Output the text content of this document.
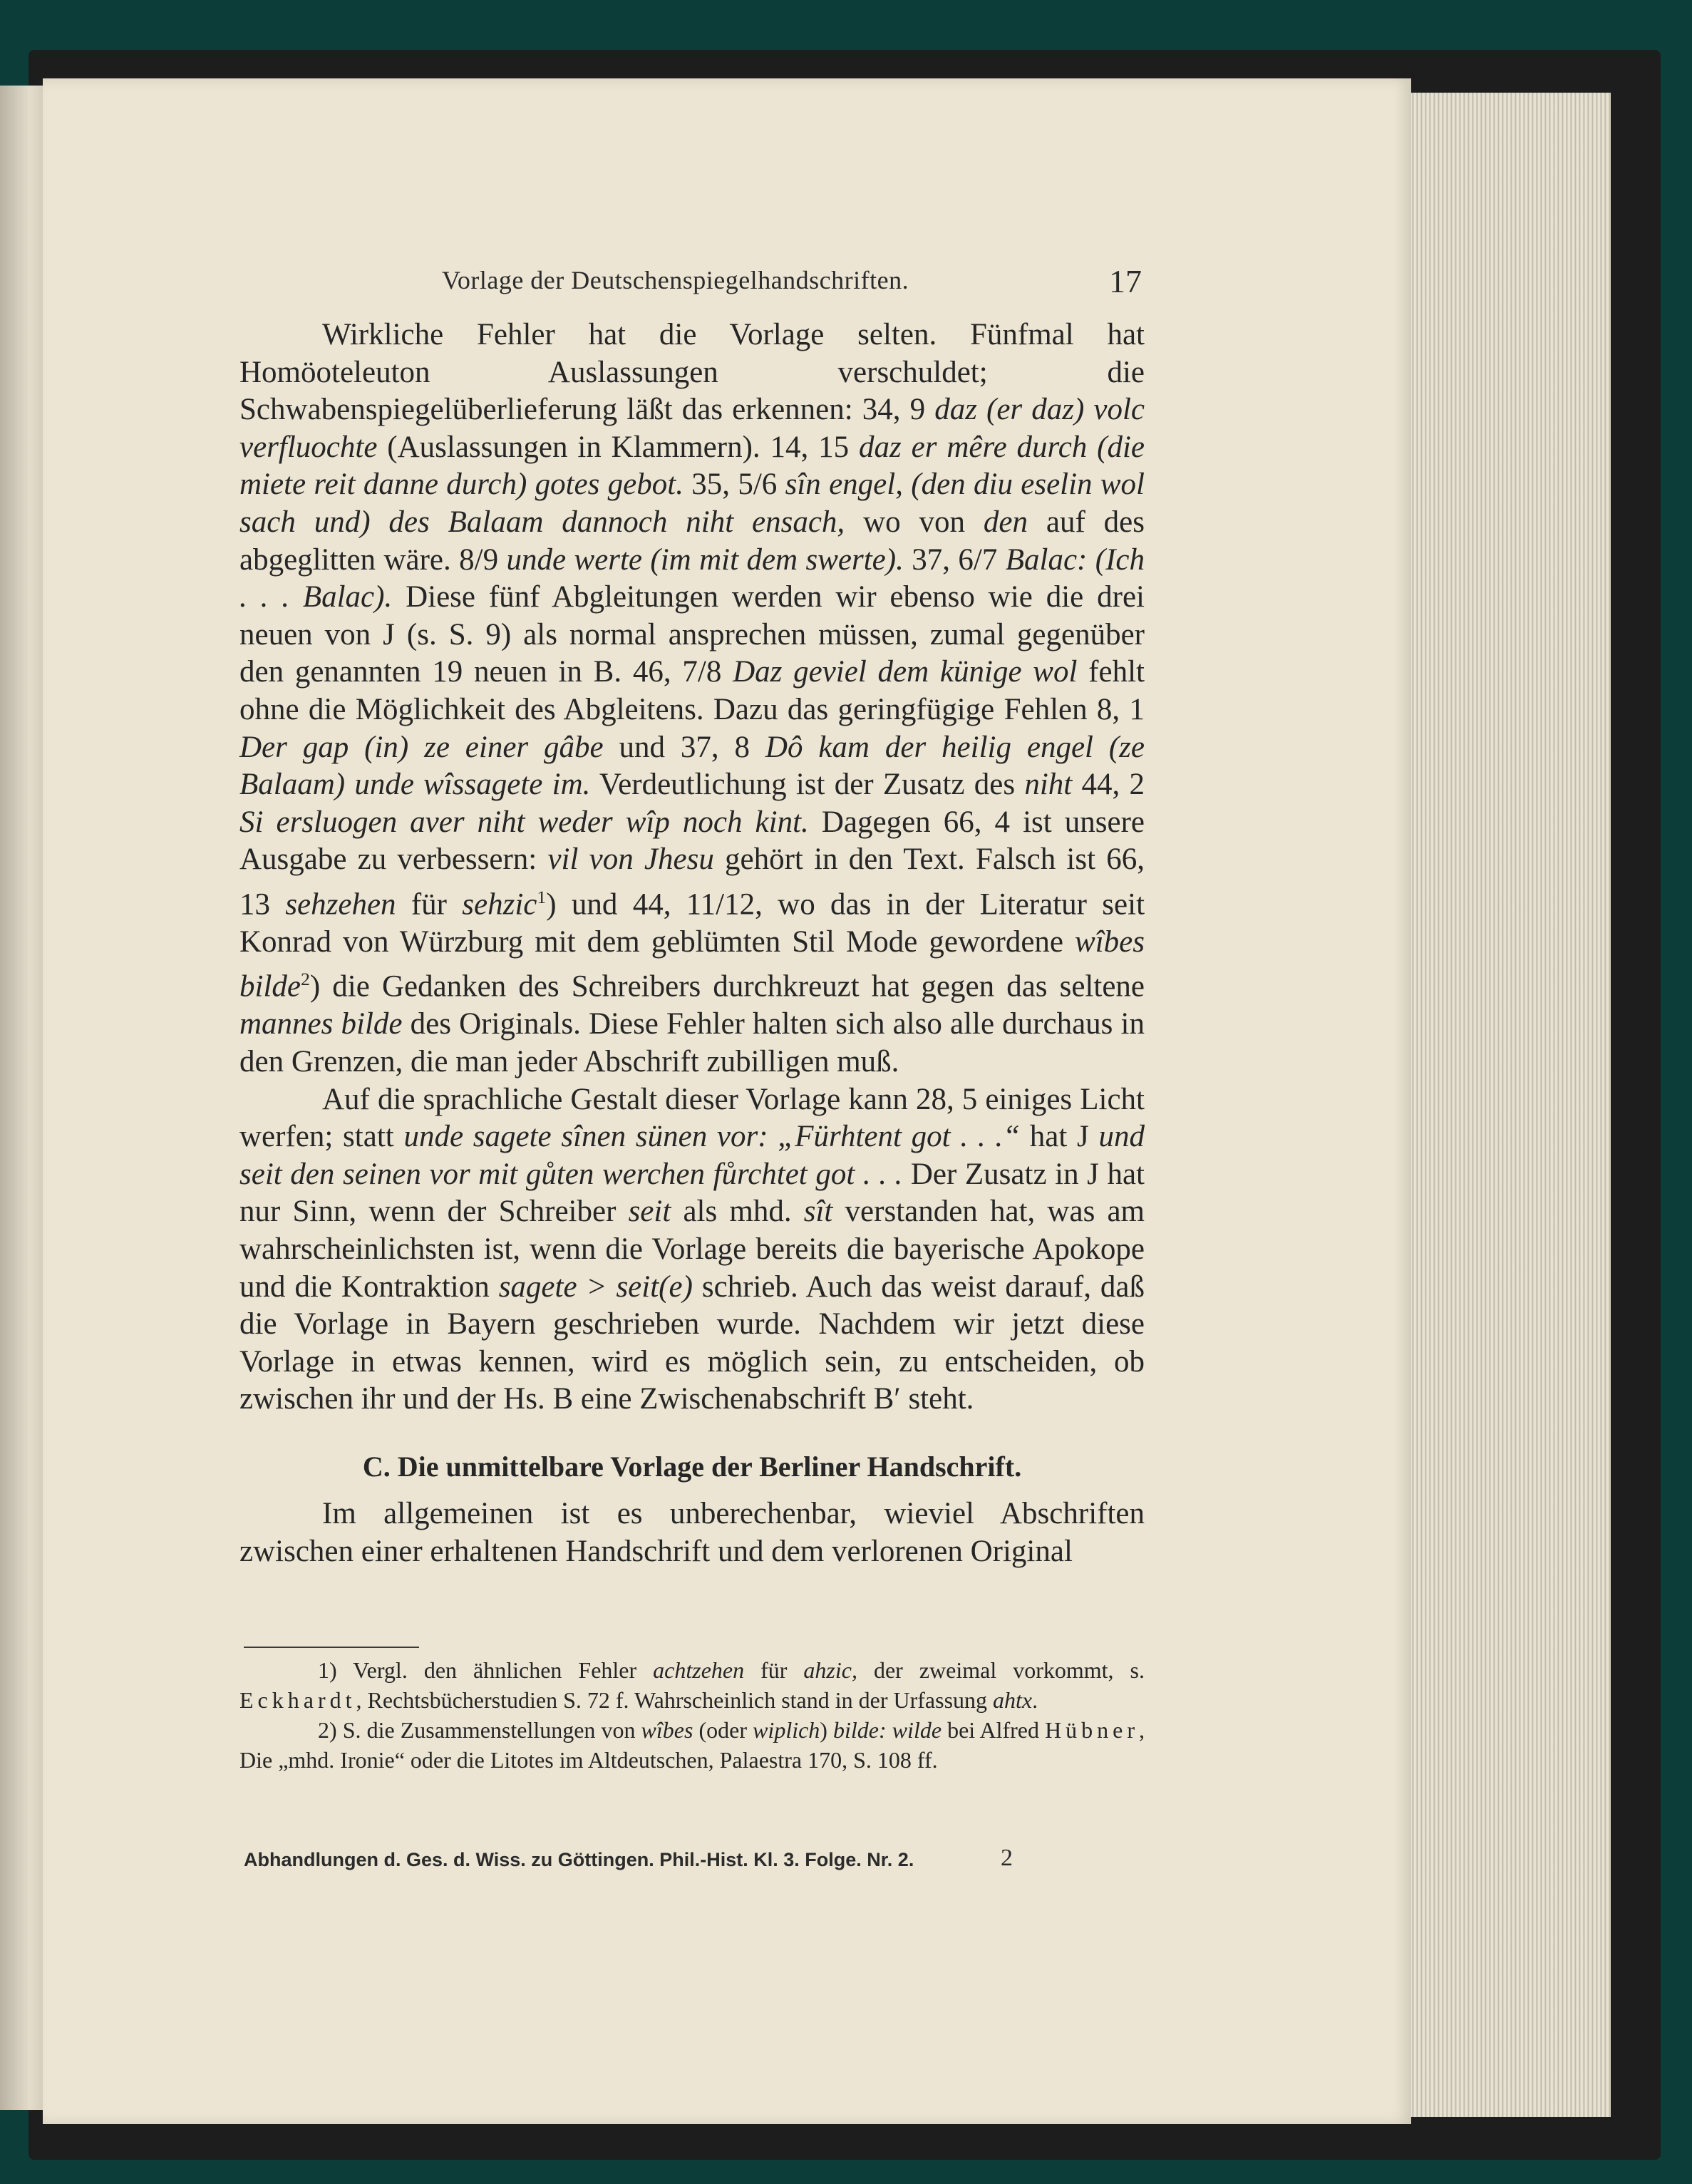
Vorlage der Deutschenspiegelhandschriften.	17

Wirkliche Fehler hat die Vorlage selten. Fünfmal hat Homöoteleuton Auslassungen verschuldet; die Schwabenspiegelüberlieferung läßt das erkennen: 34, 9 daz (er daz) volc verfluochte (Auslassungen in Klammern). 14, 15 daz er mêre durch (die miete reit danne durch) gotes gebot. 35, 5/6 sîn engel, (den diu eselin wol sach und) des Balaam dannoch niht ensach, wo von den auf des abgeglitten wäre. 8/9 unde werte (im mit dem swerte). 37, 6/7 Balac: (Ich . . . Balac). Diese fünf Abgleitungen werden wir ebenso wie die drei neuen von J (s. S. 9) als normal ansprechen müssen, zumal gegenüber den genannten 19 neuen in B. 46, 7/8 Daz geviel dem künige wol fehlt ohne die Möglichkeit des Abgleitens. Dazu das geringfügige Fehlen 8, 1 Der gap (in) ze einer gâbe und 37, 8 Dô kam der heilig engel (ze Balaam) unde wîssagete im. Verdeutlichung ist der Zusatz des niht 44, 2 Si ersluogen aver niht weder wîp noch kint. Dagegen 66, 4 ist unsere Ausgabe zu verbessern: vil von Jhesu gehört in den Text. Falsch ist 66, 13 sehzehen für sehzic$^1$) und 44, 11/12, wo das in der Literatur seit Konrad von Würzburg mit dem geblümten Stil Mode gewordene wîbes bilde$^2$) die Gedanken des Schreibers durchkreuzt hat gegen das seltene mannes bilde des Originals. Diese Fehler halten sich also alle durchaus in den Grenzen, die man jeder Abschrift zubilligen muß.

Auf die sprachliche Gestalt dieser Vorlage kann 28, 5 einiges Licht werfen; statt unde sagete sînen sünen vor: „Fürhtent got . . .“ hat J und seit den seinen vor mit gůten werchen fůrchtet got . . . Der Zusatz in J hat nur Sinn, wenn der Schreiber seit als mhd. sît verstanden hat, was am wahrscheinlichsten ist, wenn die Vorlage bereits die bayerische Apokope und die Kontraktion sagete > seit(e) schrieb. Auch das weist darauf, daß die Vorlage in Bayern geschrieben wurde. Nachdem wir jetzt diese Vorlage in etwas kennen, wird es möglich sein, zu entscheiden, ob zwischen ihr und der Hs. B eine Zwischenabschrift B′ steht.

C. Die unmittelbare Vorlage der Berliner Handschrift.

Im allgemeinen ist es unberechenbar, wieviel Abschriften zwischen einer erhaltenen Handschrift und dem verlorenen Original

1) Vergl. den ähnlichen Fehler achtzehen für ahzic, der zweimal vorkommt, s. Eckhardt, Rechtsbücherstudien S. 72 f. Wahrscheinlich stand in der Urfassung ahtx.

2) S. die Zusammenstellungen von wîbes (oder wiplich) bilde: wilde bei Alfred Hübner, Die „mhd. Ironie“ oder die Litotes im Altdeutschen, Palaestra 170, S. 108 ff.

Abhandlungen d. Ges. d. Wiss. zu Göttingen. Phil.-Hist. Kl. 3. Folge. Nr. 2.	2
